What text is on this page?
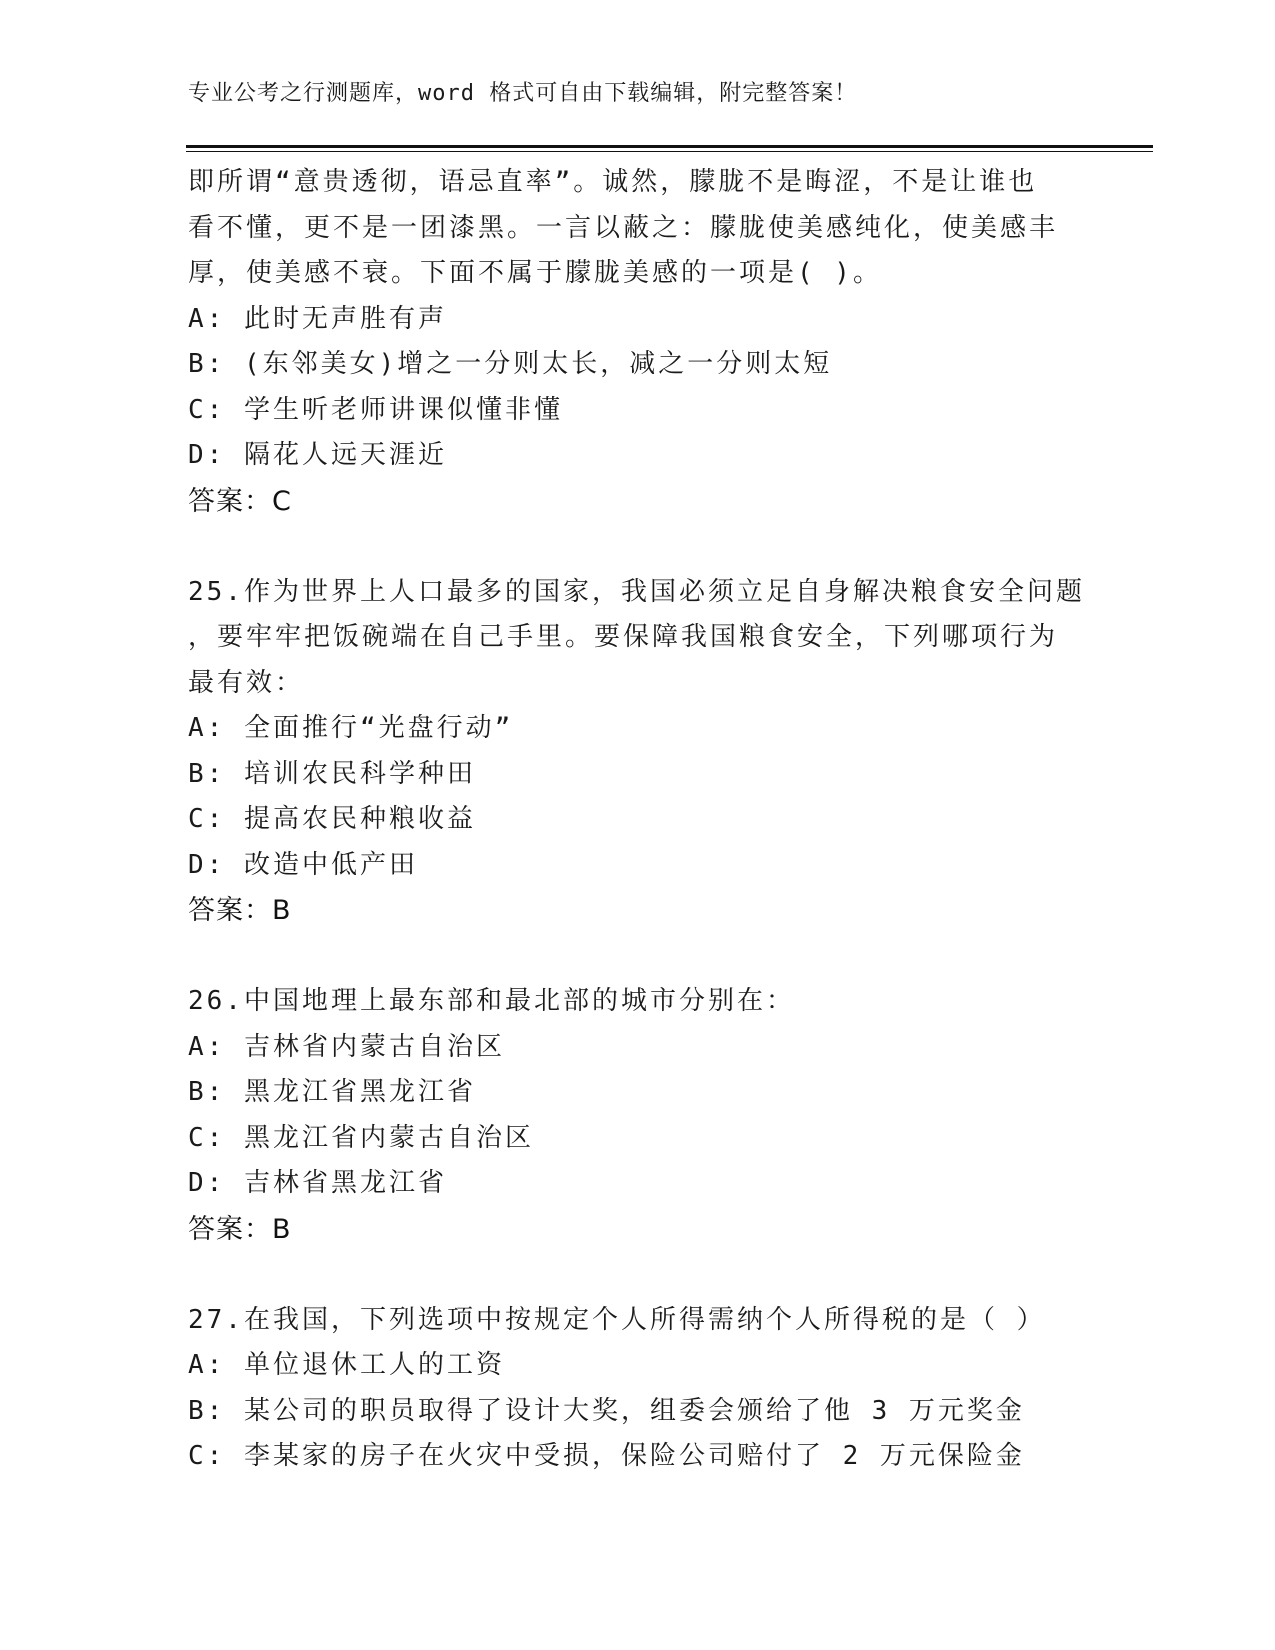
专业公考之行测题库，word 格式可自由下载编辑，附完整答案！
即所谓“意贵透彻，语忌直率”。诚然，朦胧不是晦涩，不是让谁也
看不懂，更不是一团漆黑。一言以蔽之：朦胧使美感纯化，使美感丰
厚，使美感不衰。下面不属于朦胧美感的一项是( )。
A: 此时无声胜有声
B: (东邻美女)增之一分则太长，减之一分则太短
C: 学生听老师讲课似懂非懂
D: 隔花人远天涯近
答案：C
25.作为世界上人口最多的国家，我国必须立足自身解决粮食安全问题
，要牢牢把饭碗端在自己手里。要保障我国粮食安全，下列哪项行为
最有效：
A: 全面推行“光盘行动”
B: 培训农民科学种田
C: 提高农民种粮收益
D: 改造中低产田
答案：B
26.中国地理上最东部和最北部的城市分别在：
A: 吉林省内蒙古自治区
B: 黑龙江省黑龙江省
C: 黑龙江省内蒙古自治区
D: 吉林省黑龙江省
答案：B
27.在我国，下列选项中按规定个人所得需纳个人所得税的是（ ）
A: 单位退休工人的工资
B: 某公司的职员取得了设计大奖，组委会颁给了他 3 万元奖金
C: 李某家的房子在火灾中受损，保险公司赔付了 2 万元保险金
